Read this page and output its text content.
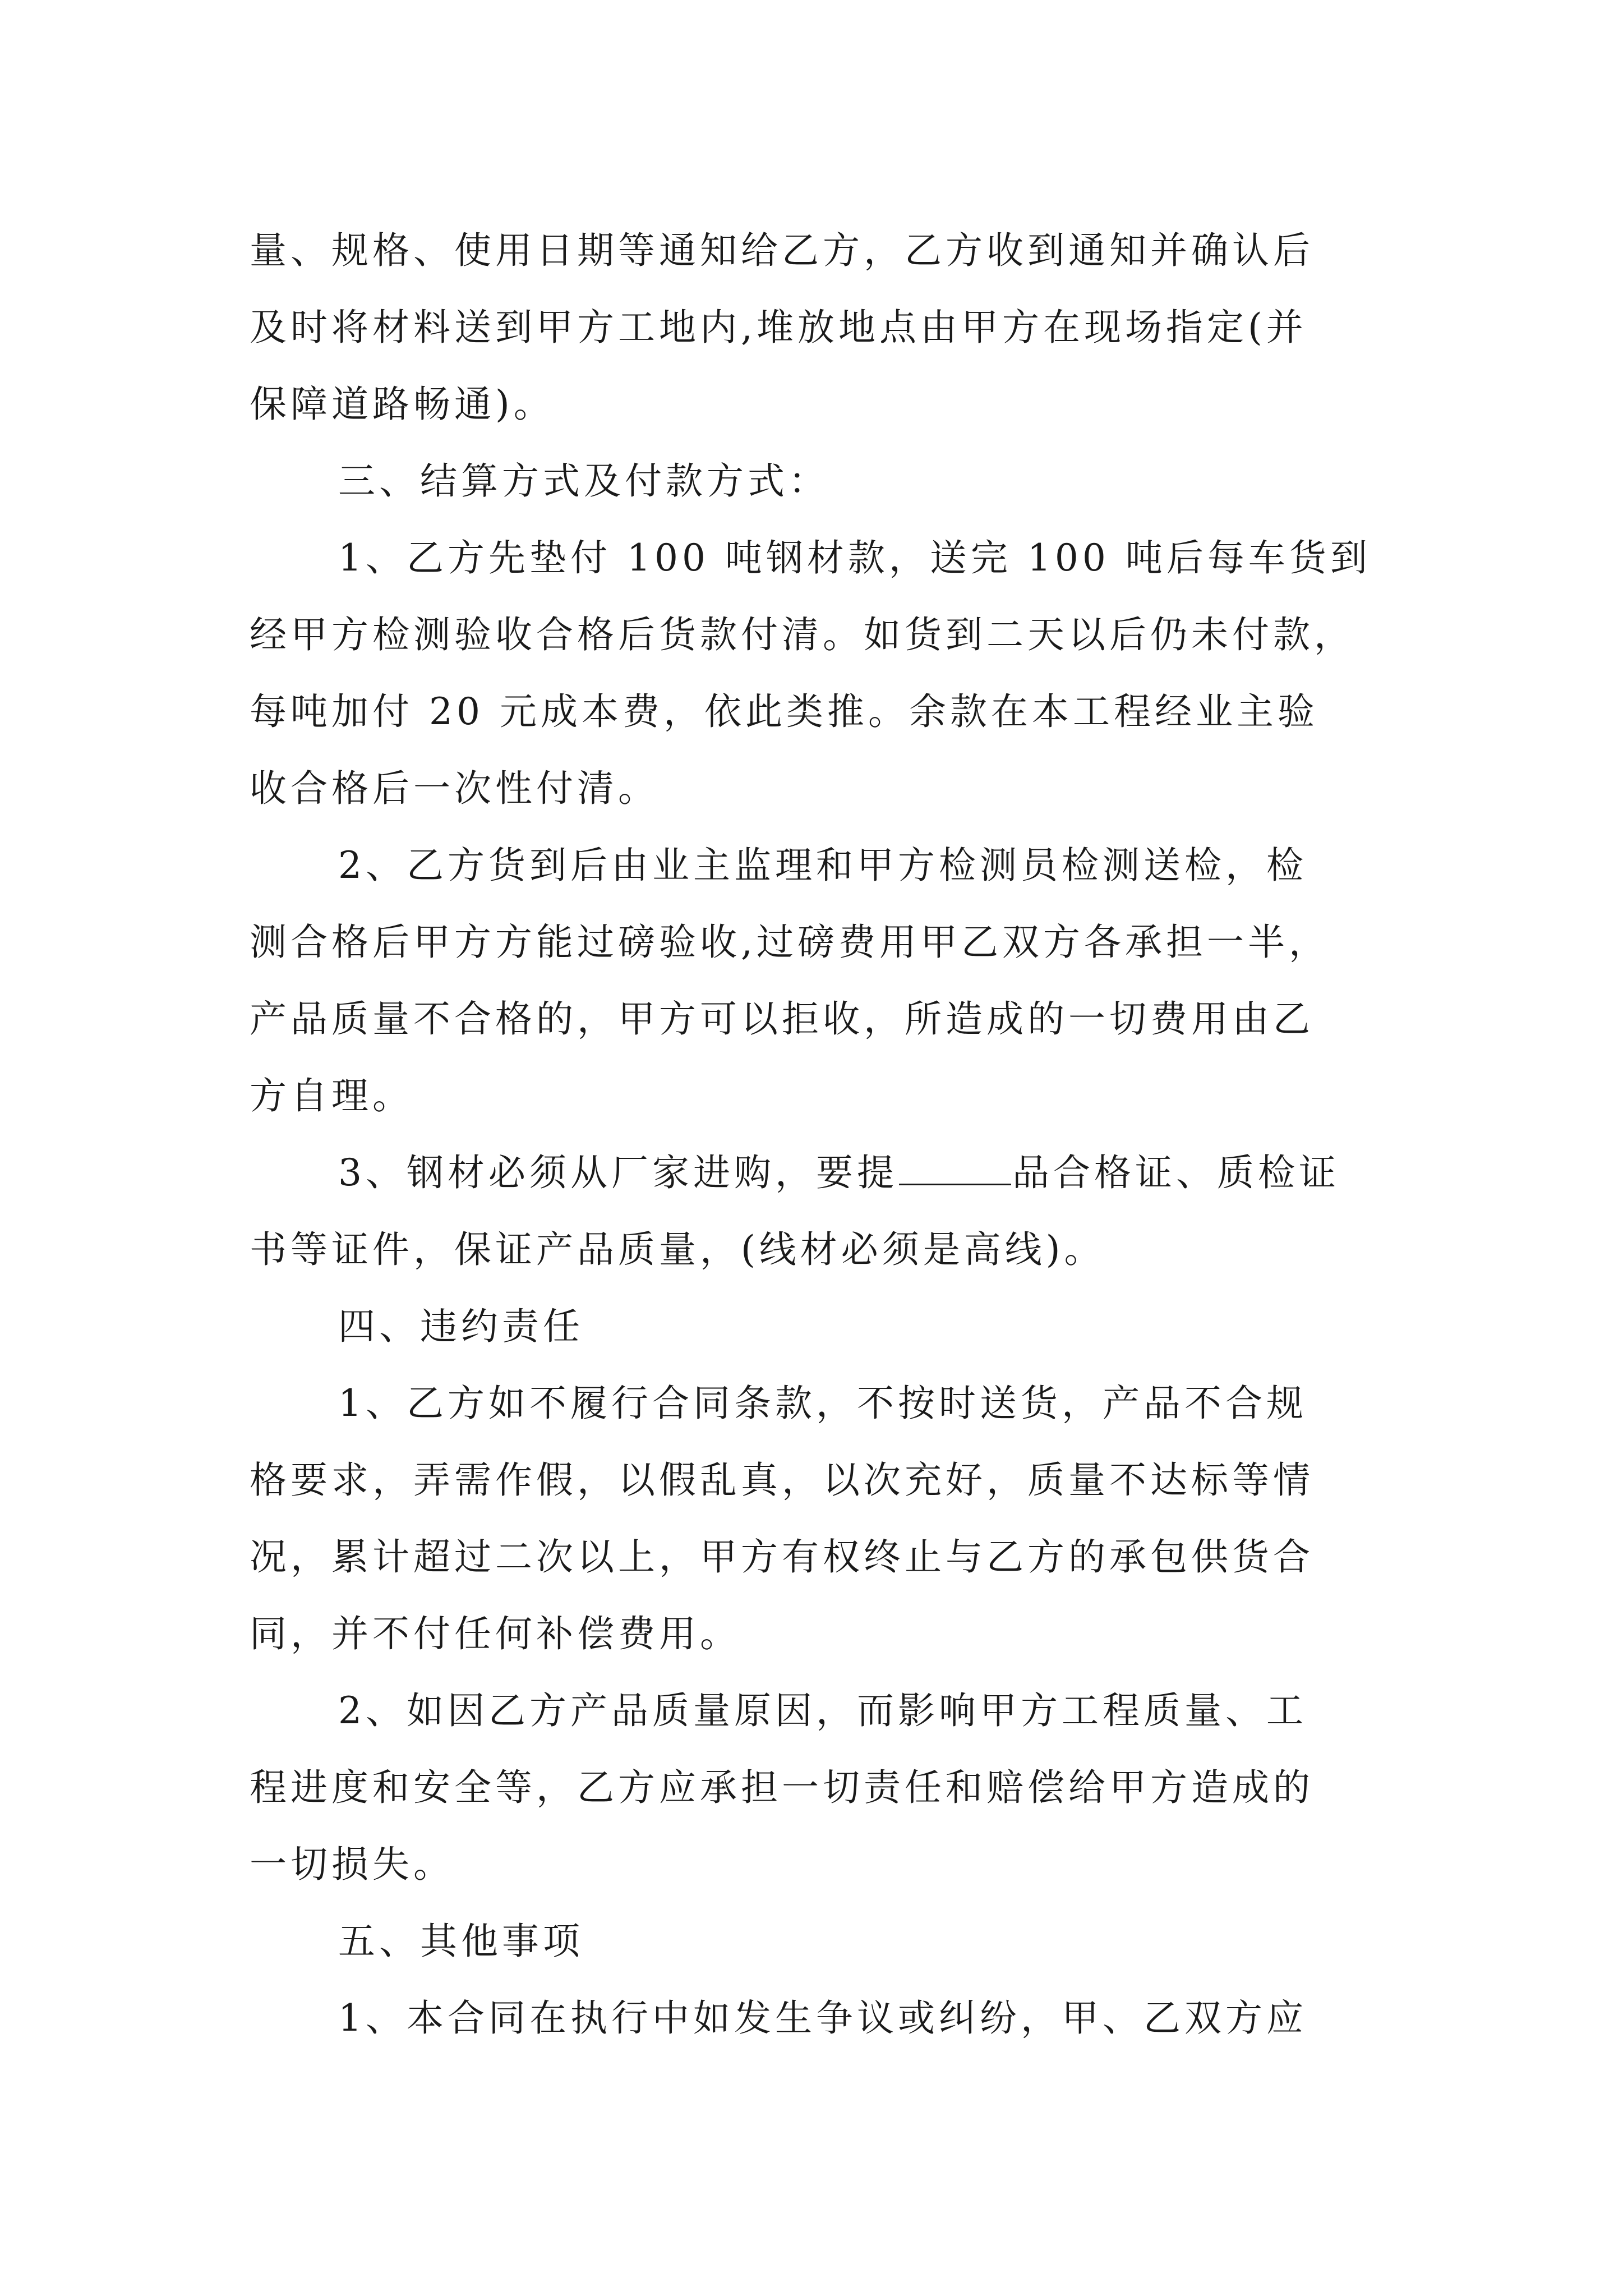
量、规格、使用日期等通知给乙方，乙方收到通知并确认后
及时将材料送到甲方工地内,堆放地点由甲方在现场指定(并
保障道路畅通)。
三、结算方式及付款方式：
1、乙方先垫付 100 吨钢材款，送完 100 吨后每车货到
经甲方检测验收合格后货款付清。如货到二天以后仍未付款，
每吨加付 20 元成本费，依此类推。余款在本工程经业主验
收合格后一次性付清。
2、乙方货到后由业主监理和甲方检测员检测送检，检
测合格后甲方方能过磅验收,过磅费用甲乙双方各承担一半，
产品质量不合格的，甲方可以拒收，所造成的一切费用由乙
方自理。
3、钢材必须从厂家进购，要提	品合格证、质检证
书等证件，保证产品质量，(线材必须是高线)。
四、违约责任
1、乙方如不履行合同条款，不按时送货，产品不合规
格要求，弄需作假，以假乱真，以次充好，质量不达标等情
况，累计超过二次以上，甲方有权终止与乙方的承包供货合
同，并不付任何补偿费用。
2、如因乙方产品质量原因，而影响甲方工程质量、工
程进度和安全等，乙方应承担一切责任和赔偿给甲方造成的
一切损失。
五、其他事项
1、本合同在执行中如发生争议或纠纷，甲、乙双方应
